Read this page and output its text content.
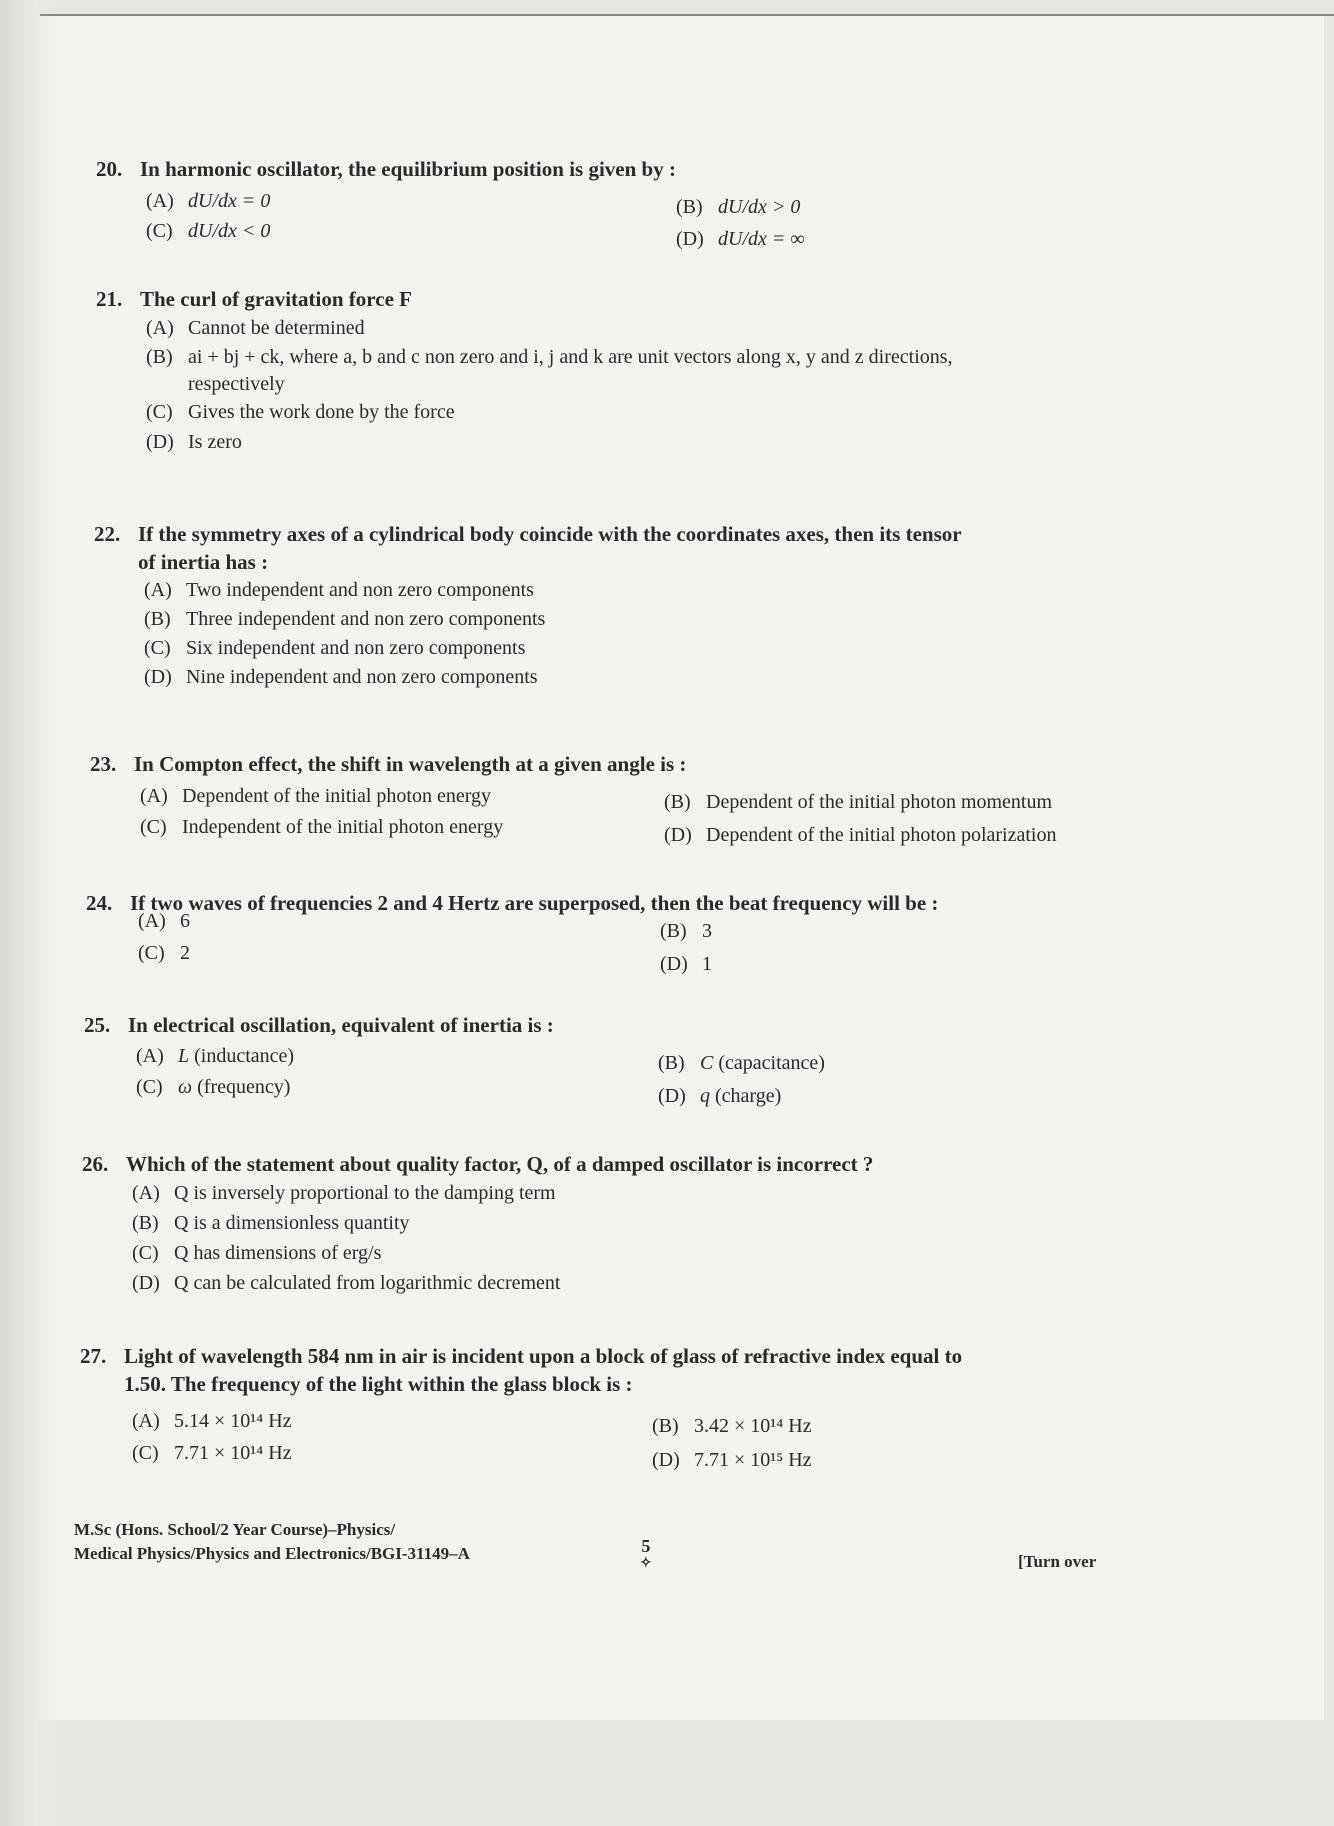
20. In harmonic oscillator, the equilibrium position is given by :
(A) dU/dx = 0	(B) dU/dx > 0
(C) dU/dx < 0	(D) dU/dx = ∞
21. The curl of gravitation force F
(A) Cannot be determined
(B) ai + bj + ck, where a, b and c non zero and i, j and k are unit vectors along x, y and z directions,
respectively
(C) Gives the work done by the force
(D) Is zero
22. If the symmetry axes of a cylindrical body coincide with the coordinates axes, then its tensor
of inertia has :
(A) Two independent and non zero components
(B) Three independent and non zero components
(C) Six independent and non zero components
(D) Nine independent and non zero components
23. In Compton effect, the shift in wavelength at a given angle is :
(A) Dependent of the initial photon energy	(B) Dependent of the initial photon momentum
(C) Independent of the initial photon energy	(D) Dependent of the initial photon polarization
24. If two waves of frequencies 2 and 4 Hertz are superposed, then the beat frequency will be :
(A) 6	(B) 3
(C) 2	(D) 1
25. In electrical oscillation, equivalent of inertia is :
(A) L (inductance)	(B) C (capacitance)
(C) ω (frequency)	(D) q (charge)
26. Which of the statement about quality factor, Q, of a damped oscillator is incorrect ?
(A) Q is inversely proportional to the damping term
(B) Q is a dimensionless quantity
(C) Q has dimensions of erg/s
(D) Q can be calculated from logarithmic decrement
27. Light of wavelength 584 nm in air is incident upon a block of glass of refractive index equal to
1.50. The frequency of the light within the glass block is :
(A) 5.14 × 10¹⁴ Hz	(B) 3.42 × 10¹⁴ Hz
(C) 7.71 × 10¹⁴ Hz	(D) 7.71 × 10¹⁵ Hz
M.Sc (Hons. School/2 Year Course)–Physics/
Medical Physics/Physics and Electronics/BGI-31149–A	5
✧	[Turn over
